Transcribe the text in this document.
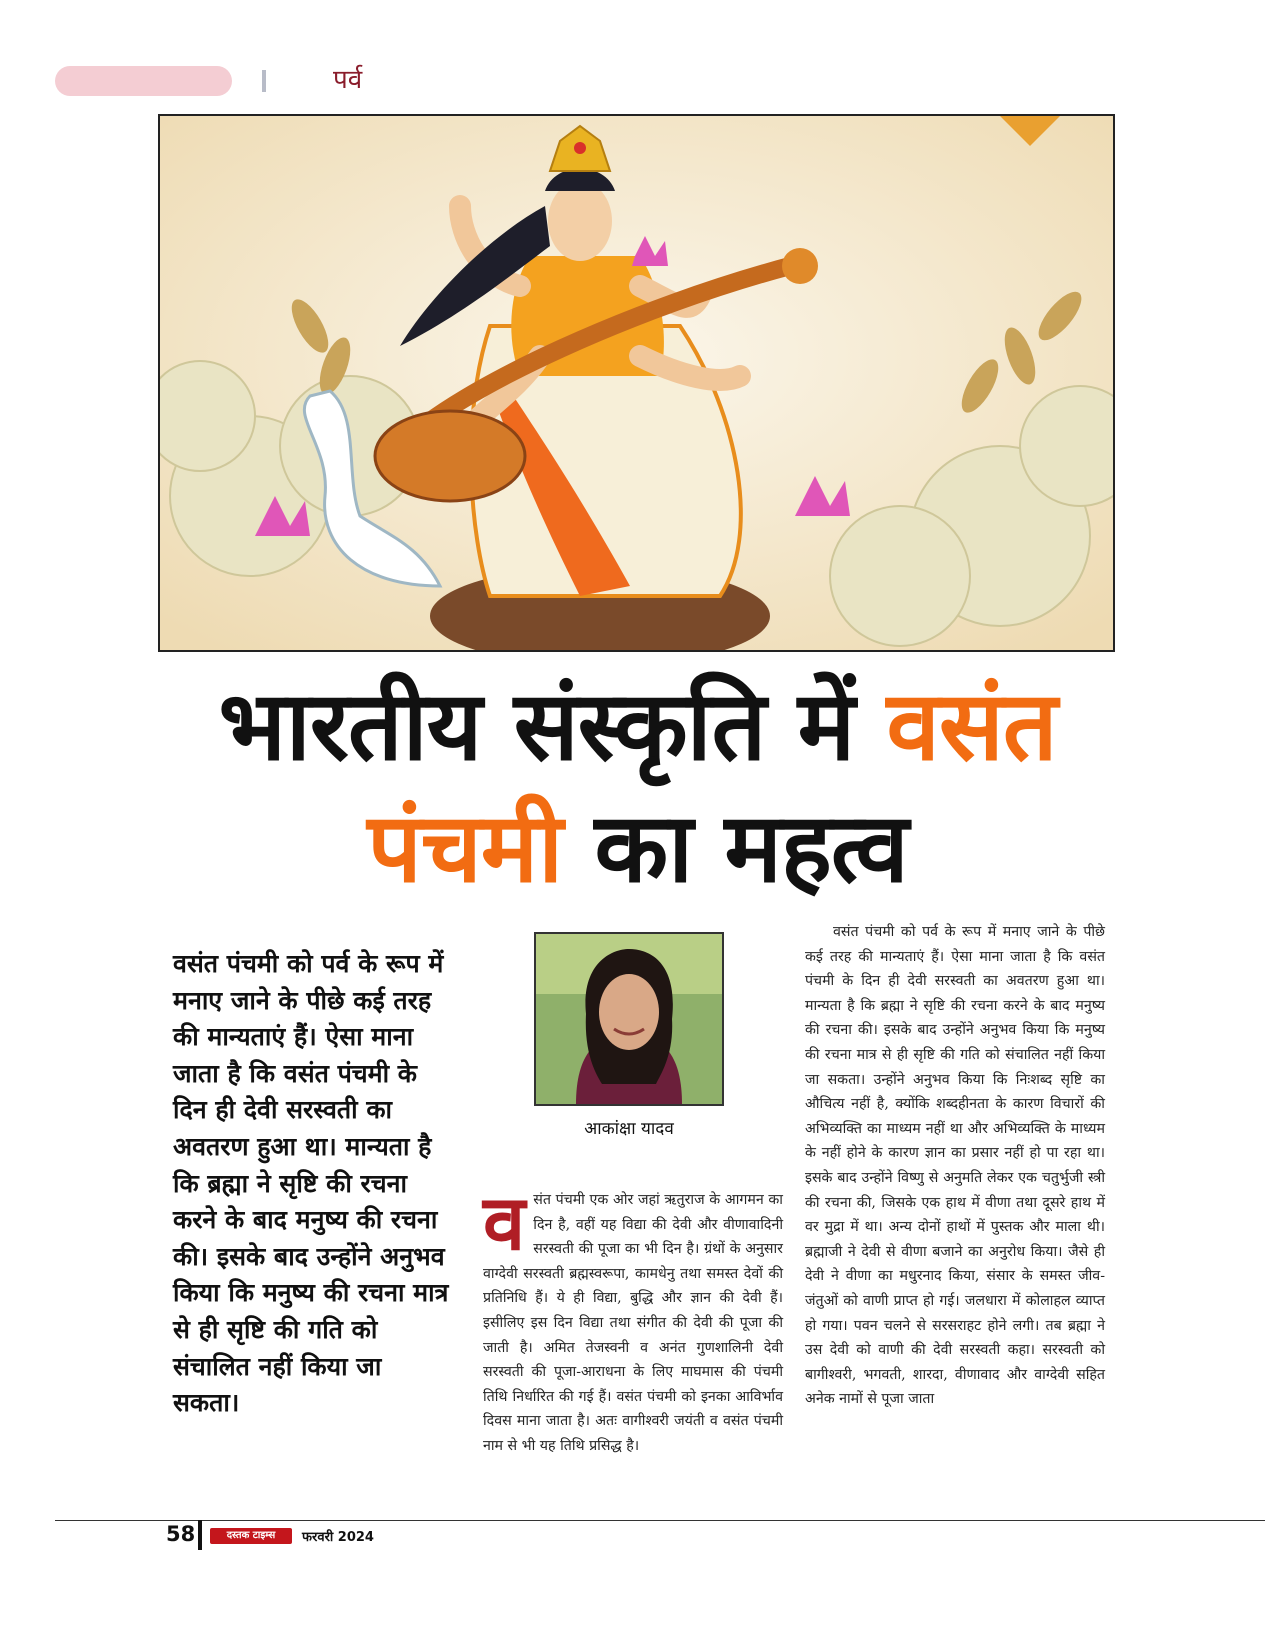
पर्व
भारतीय संस्कृति में वसंत
पंचमी का महत्व
वसंत पंचमी को पर्व के रूप में मनाए जाने के पीछे कई तरह की मान्यताएं हैं। ऐसा माना जाता है कि वसंत पंचमी के दिन ही देवी सरस्वती का अवतरण हुआ था। मान्यता है कि ब्रह्मा ने सृष्टि की रचना करने के बाद मनुष्य की रचना की। इसके बाद उन्होंने अनुभव किया कि मनुष्य की रचना मात्र से ही सृष्टि की गति को संचालित नहीं किया जा सकता।
आकांक्षा यादव
वसंत पंचमी एक ओर जहां ऋतुराज के आगमन का दिन है, वहीं यह विद्या की देवी और वीणावादिनी सरस्वती की पूजा का भी दिन है। ग्रंथों के अनुसार वाग्देवी सरस्वती ब्रह्मस्वरूपा, कामधेनु तथा समस्त देवों की प्रतिनिधि हैं। ये ही विद्या, बुद्धि और ज्ञान की देवी हैं। इसीलिए इस दिन विद्या तथा संगीत की देवी की पूजा की जाती है। अमित तेजस्वनी व अनंत गुणशालिनी देवी सरस्वती की पूजा-आराधना के लिए माघमास की पंचमी तिथि निर्धारित की गई हैं। वसंत पंचमी को इनका आविर्भाव दिवस माना जाता है। अतः वागीश्वरी जयंती व वसंत पंचमी नाम से भी यह तिथि प्रसिद्ध है।
वसंत पंचमी को पर्व के रूप में मनाए जाने के पीछे कई तरह की मान्यताएं हैं। ऐसा माना जाता है कि वसंत पंचमी के दिन ही देवी सरस्वती का अवतरण हुआ था। मान्यता है कि ब्रह्मा ने सृष्टि की रचना करने के बाद मनुष्य की रचना की। इसके बाद उन्होंने अनुभव किया कि मनुष्य की रचना मात्र से ही सृष्टि की गति को संचालित नहीं किया जा सकता। उन्होंने अनुभव किया कि निःशब्द सृष्टि का औचित्य नहीं है, क्योंकि शब्दहीनता के कारण विचारों की अभिव्यक्ति का माध्यम नहीं था और अभिव्यक्ति के माध्यम के नहीं होने के कारण ज्ञान का प्रसार नहीं हो पा रहा था। इसके बाद उन्होंने विष्णु से अनुमति लेकर एक चतुर्भुजी स्त्री की रचना की, जिसके एक हाथ में वीणा तथा दूसरे हाथ में वर मुद्रा में था। अन्य दोनों हाथों में पुस्तक और माला थी। ब्रह्माजी ने देवी से वीणा बजाने का अनुरोध किया। जैसे ही देवी ने वीणा का मधुरनाद किया, संसार के समस्त जीव-जंतुओं को वाणी प्राप्त हो गई। जलधारा में कोलाहल व्याप्त हो गया। पवन चलने से सरसराहट होने लगी। तब ब्रह्मा ने उस देवी को वाणी की देवी सरस्वती कहा। सरस्वती को बागीश्वरी, भगवती, शारदा, वीणावाद और वाग्देवी सहित अनेक नामों से पूजा जाता
58	दस्तक टाइम्स	फरवरी 2024
